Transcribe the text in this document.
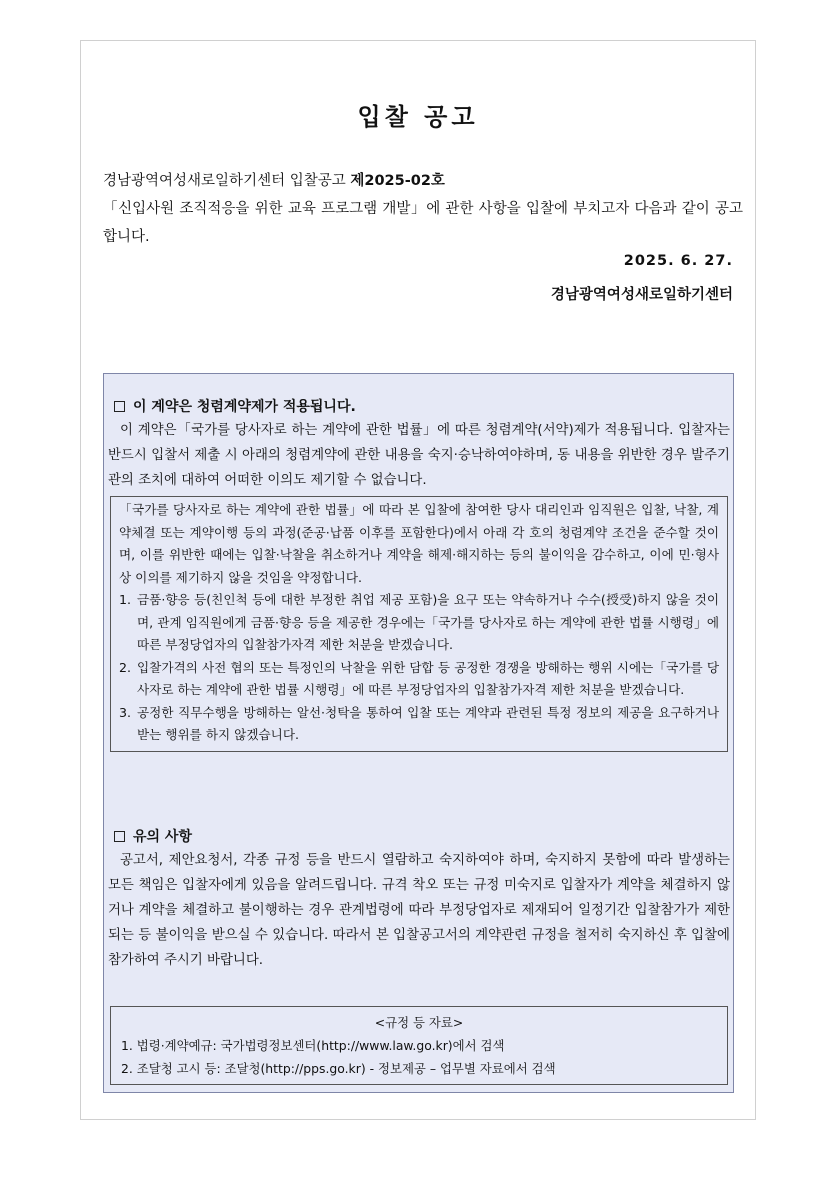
입찰 공고
경남광역여성새로일하기센터 입찰공고 제2025-02호
「신입사원 조직적응을 위한 교육 프로그램 개발」에 관한 사항을 입찰에 부치고자 다음과 같이 공고합니다.
2025. 6. 27.
경남광역여성새로일하기센터
이 계약은 청렴계약제가 적용됩니다.
이 계약은「국가를 당사자로 하는 계약에 관한 법률」에 따른 청렴계약(서약)제가 적용됩니다. 입찰자는 반드시 입찰서 제출 시 아래의 청렴계약에 관한 내용을 숙지·승낙하여야하며, 동 내용을 위반한 경우 발주기관의 조치에 대하여 어떠한 이의도 제기할 수 없습니다.
「국가를 당사자로 하는 계약에 관한 법률」에 따라 본 입찰에 참여한 당사 대리인과 임직원은 입찰, 낙찰, 계약체결 또는 계약이행 등의 과정(준공·납품 이후를 포함한다)에서 아래 각 호의 청렴계약 조건을 준수할 것이며, 이를 위반한 때에는 입찰·낙찰을 취소하거나 계약을 해제·해지하는 등의 불이익을 감수하고, 이에 민·형사상 이의를 제기하지 않을 것임을 약정합니다.
1. 금품·향응 등(친인척 등에 대한 부정한 취업 제공 포함)을 요구 또는 약속하거나 수수(授受)하지 않을 것이며, 관계 임직원에게 금품·향응 등을 제공한 경우에는「국가를 당사자로 하는 계약에 관한 법률 시행령」에 따른 부정당업자의 입찰참가자격 제한 처분을 받겠습니다.
2. 입찰가격의 사전 협의 또는 특정인의 낙찰을 위한 담합 등 공정한 경쟁을 방해하는 행위 시에는「국가를 당사자로 하는 계약에 관한 법률 시행령」에 따른 부정당업자의 입찰참가자격 제한 처분을 받겠습니다.
3. 공정한 직무수행을 방해하는 알선·청탁을 통하여 입찰 또는 계약과 관련된 특정 정보의 제공을 요구하거나 받는 행위를 하지 않겠습니다.
유의 사항
공고서, 제안요청서, 각종 규정 등을 반드시 열람하고 숙지하여야 하며, 숙지하지 못함에 따라 발생하는 모든 책임은 입찰자에게 있음을 알려드립니다. 규격 착오 또는 규정 미숙지로 입찰자가 계약을 체결하지 않거나 계약을 체결하고 불이행하는 경우 관계법령에 따라 부정당업자로 제재되어 일정기간 입찰참가가 제한되는 등 불이익을 받으실 수 있습니다. 따라서 본 입찰공고서의 계약관련 규정을 철저히 숙지하신 후 입찰에 참가하여 주시기 바랍니다.
<규정 등 자료>
1. 법령·계약예규: 국가법령정보센터(http://www.law.go.kr)에서 검색
2. 조달청 고시 등: 조달청(http://pps.go.kr) - 정보제공 – 업무별 자료에서 검색
